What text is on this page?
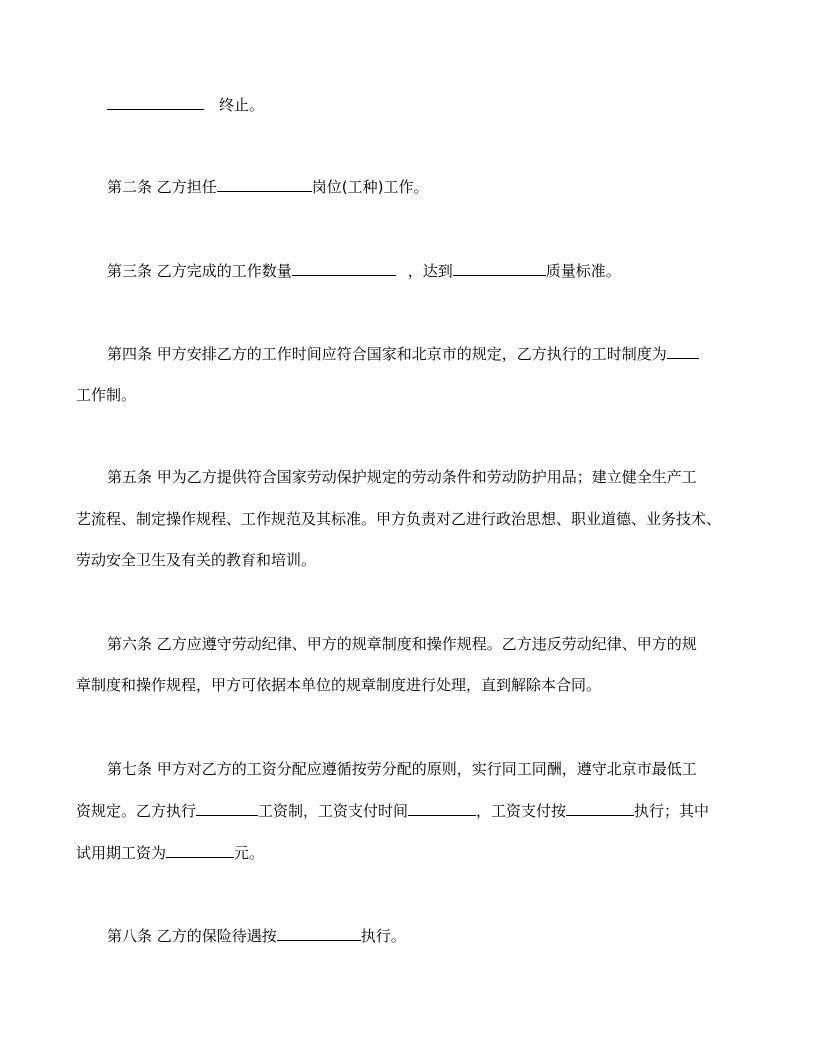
终止。
第二条 乙方担任	岗位(工种)工作。
第三条 乙方完成的工作数量	，达到	质量标准。
第四条 甲方安排乙方的工作时间应符合国家和北京市的规定，乙方执行的工时制度为
工作制。
第五条 甲为乙方提供符合国家劳动保护规定的劳动条件和劳动防护用品；建立健全生产工
艺流程、制定操作规程、工作规范及其标准。甲方负责对乙进行政治思想、职业道德、业务技术、
劳动安全卫生及有关的教育和培训。
第六条 乙方应遵守劳动纪律、甲方的规章制度和操作规程。乙方违反劳动纪律、甲方的规
章制度和操作规程，甲方可依据本单位的规章制度进行处理，直到解除本合同。
第七条 甲方对乙方的工资分配应遵循按劳分配的原则，实行同工同酬，遵守北京市最低工
资规定。乙方执行	工资制，工资支付时间	，工资支付按	执行；其中
试用期工资为	元。
第八条 乙方的保险待遇按	执行。
